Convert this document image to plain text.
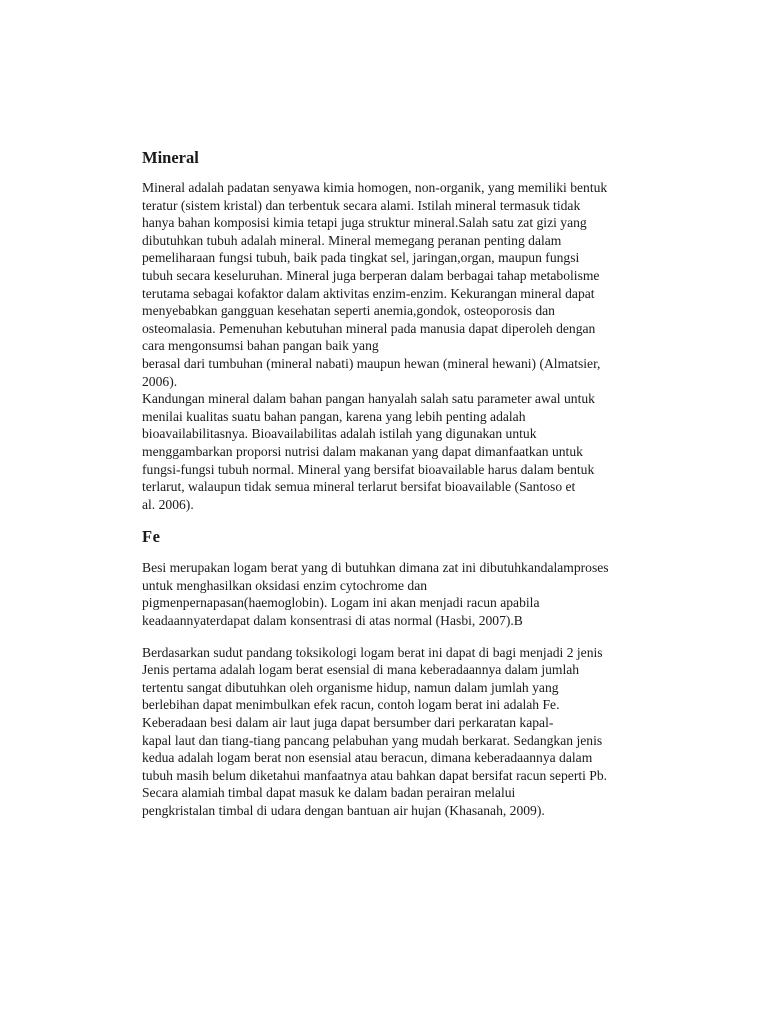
Mineral

Mineral adalah padatan senyawa kimia homogen, non-organik, yang memiliki bentuk
teratur (sistem kristal) dan terbentuk secara alami. Istilah mineral termasuk tidak
hanya bahan komposisi kimia tetapi juga struktur mineral.Salah satu zat gizi yang
dibutuhkan tubuh adalah mineral. Mineral memegang peranan penting dalam
pemeliharaan fungsi tubuh, baik pada tingkat sel, jaringan,organ, maupun fungsi
tubuh secara keseluruhan. Mineral juga berperan dalam berbagai tahap metabolisme
terutama sebagai kofaktor dalam aktivitas enzim-enzim. Kekurangan mineral dapat
menyebabkan gangguan kesehatan seperti anemia,gondok, osteoporosis dan
osteomalasia. Pemenuhan kebutuhan mineral pada manusia dapat diperoleh dengan
cara mengonsumsi bahan pangan baik yang
berasal dari tumbuhan (mineral nabati) maupun hewan (mineral hewani) (Almatsier,
2006).

Kandungan mineral dalam bahan pangan hanyalah salah satu parameter awal untuk
menilai kualitas suatu bahan pangan, karena yang lebih penting adalah
bioavailabilitasnya. Bioavailabilitas adalah istilah yang digunakan untuk
menggambarkan proporsi nutrisi dalam makanan yang dapat dimanfaatkan untuk
fungsi-fungsi tubuh normal. Mineral yang bersifat bioavailable harus dalam bentuk
terlarut, walaupun tidak semua mineral terlarut bersifat bioavailable (Santoso et
al. 2006).

Fe

Besi merupakan logam berat yang di butuhkan dimana zat ini dibutuhkandalamproses
untuk menghasilkan oksidasi enzim cytochrome dan
pigmenpernapasan(haemoglobin). Logam ini akan menjadi racun apabila
keadaannyaterdapat dalam konsentrasi di atas normal (Hasbi, 2007).B

Berdasarkan sudut pandang toksikologi logam berat ini dapat di bagi menjadi 2 jenis
Jenis pertama adalah logam berat esensial di mana keberadaannya dalam jumlah
tertentu sangat dibutuhkan oleh organisme hidup, namun dalam jumlah yang
berlebihan dapat menimbulkan efek racun, contoh logam berat ini adalah Fe.
Keberadaan besi dalam air laut juga dapat bersumber dari perkaratan kapal-
kapal laut dan tiang-tiang pancang pelabuhan yang mudah berkarat. Sedangkan jenis
kedua adalah logam berat non esensial atau beracun, dimana keberadaannya dalam
tubuh masih belum diketahui manfaatnya atau bahkan dapat bersifat racun seperti Pb.
Secara alamiah timbal dapat masuk ke dalam badan perairan melalui
pengkristalan timbal di udara dengan bantuan air hujan (Khasanah, 2009).
